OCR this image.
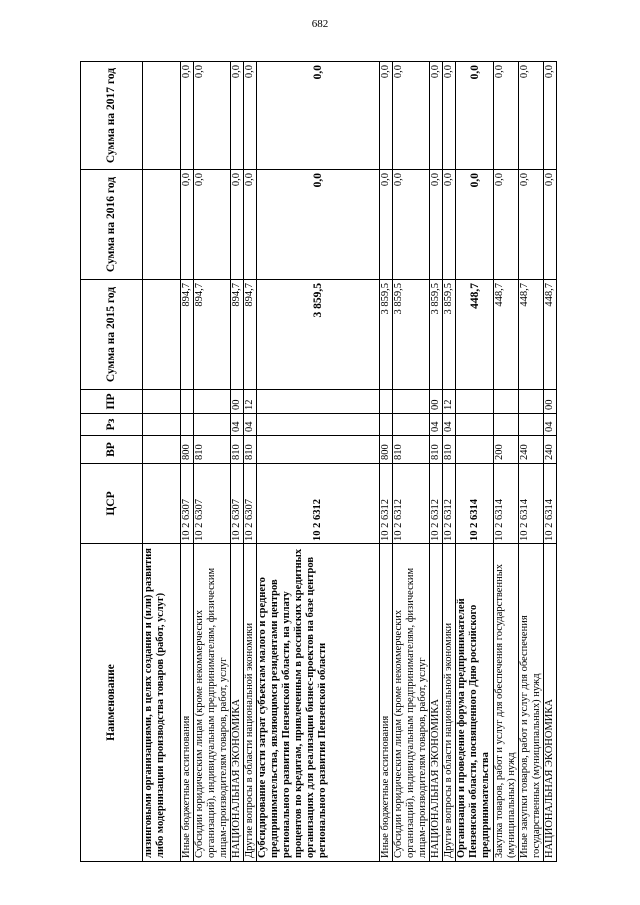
682
Наименование	ЦСР	ВР	Рз	ПР	Сумма на 2015 год	Сумма на 2016 год	Сумма на 2017 год
лизинговыми организациями, в целях создания и (или) развития либо модернизации производства товаров (работ, услуг)							
Иные бюджетные ассигнования	10 2 6307	800			894,7	0,0	0,0
Субсидии юридическим лицам (кроме некоммерческих организаций), индивидуальным предпринимателям, физическим лицам-производителям товаров, работ, услуг	10 2 6307	810			894,7	0,0	0,0
НАЦИОНАЛЬНАЯ ЭКОНОМИКА	10 2 6307	810	04	00	894,7	0,0	0,0
Другие вопросы в области национальной экономики	10 2 6307	810	04	12	894,7	0,0	0,0
Субсидирование части затрат субъектам малого и среднего предпринимательства, являющимся резидентами центров регионального развития Пензенской области, на уплату процентов по кредитам, привлеченным в российских кредитных организациях для реализации бизнес-проектов на базе центров регионального развития Пензенской области	10 2 6312				3 859,5	0,0	0,0
Иные бюджетные ассигнования	10 2 6312	800			3 859,5	0,0	0,0
Субсидии юридическим лицам (кроме некоммерческих организаций), индивидуальным предпринимателям, физическим лицам-производителям товаров, работ, услуг	10 2 6312	810			3 859,5	0,0	0,0
НАЦИОНАЛЬНАЯ ЭКОНОМИКА	10 2 6312	810	04	00	3 859,5	0,0	0,0
Другие вопросы в области национальной экономики	10 2 6312	810	04	12	3 859,5	0,0	0,0
Организация и проведение форума предпринимателей Пензенской области, посвященного Дню российского предпринимательства	10 2 6314				448,7	0,0	0,0
Закупка товаров, работ и услуг для обеспечения государственных (муниципальных) нужд	10 2 6314	200			448,7	0,0	0,0
Иные закупки товаров, работ и услуг для обеспечения государственных (муниципальных) нужд	10 2 6314	240			448,7	0,0	0,0
НАЦИОНАЛЬНАЯ ЭКОНОМИКА	10 2 6314	240	04	00	448,7	0,0	0,0
